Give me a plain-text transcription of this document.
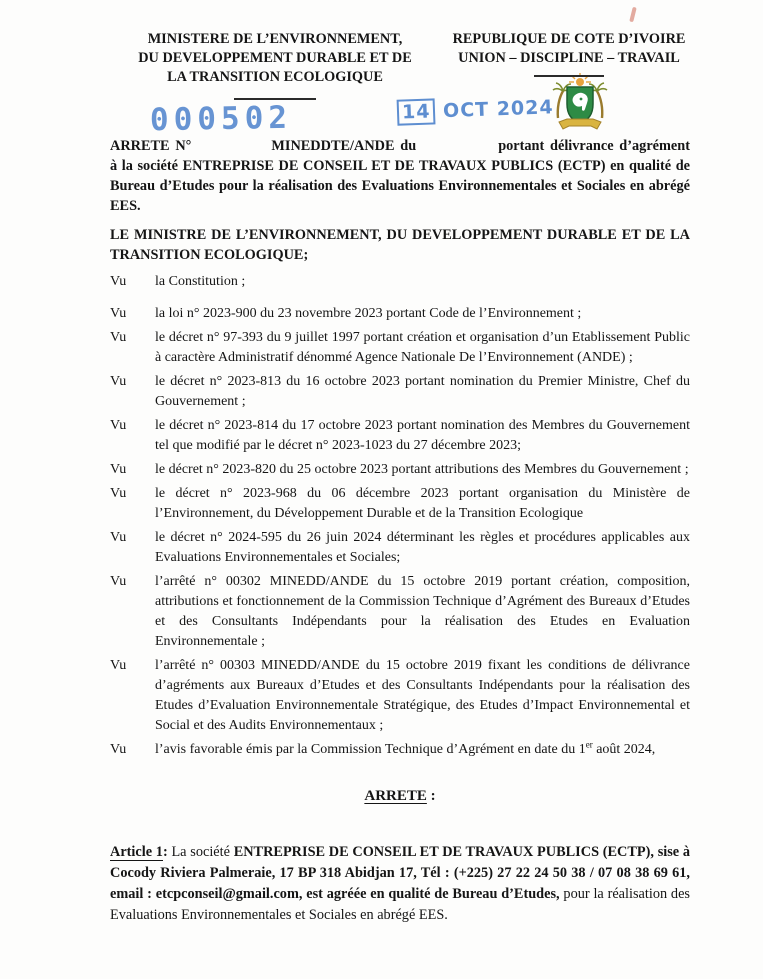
000502	14 OCT 2024
MINISTERE DE L’ENVIRONNEMENT,
DU DEVELOPPEMENT DURABLE ET DE
LA TRANSITION ECOLOGIQUE
REPUBLIQUE DE COTE D’IVOIRE
UNION – DISCIPLINE – TRAVAIL

ARRETE N°	MINEDDTE/ANDE du	portant délivrance d’agrément à la société ENTREPRISE DE CONSEIL ET DE TRAVAUX PUBLICS (ECTP) en qualité de Bureau d’Etudes pour la réalisation des Evaluations Environnementales et Sociales en abrégé EES.

LE MINISTRE DE L’ENVIRONNEMENT, DU DEVELOPPEMENT DURABLE ET DE LA TRANSITION ECOLOGIQUE;

Vu	la Constitution ;

Vu	la loi n° 2023-900 du 23 novembre 2023 portant Code de l’Environnement ;

Vu	le décret n° 97-393 du 9 juillet 1997 portant création et organisation d’un Etablissement Public à caractère Administratif dénommé Agence Nationale De l’Environnement (ANDE) ;

Vu	le décret n° 2023-813 du 16 octobre 2023 portant nomination du Premier Ministre, Chef du Gouvernement ;

Vu	le décret n° 2023-814 du 17 octobre 2023 portant nomination des Membres du Gouvernement tel que modifié par le décret n° 2023-1023 du 27 décembre 2023;

Vu	le décret n° 2023-820 du 25 octobre 2023 portant attributions des Membres du Gouvernement ;

Vu	le décret n° 2023-968 du 06 décembre 2023 portant organisation du Ministère de l’Environnement, du Développement Durable et de la Transition Ecologique

Vu	le décret n° 2024-595 du 26 juin 2024 déterminant les règles et procédures applicables aux Evaluations Environnementales et Sociales;

Vu	l’arrêté n° 00302 MINEDD/ANDE du 15 octobre 2019 portant création, composition, attributions et fonctionnement de la Commission Technique d’Agrément des Bureaux d’Etudes et des Consultants Indépendants pour la réalisation des Etudes en Evaluation Environnementale ;

Vu	l’arrêté n° 00303 MINEDD/ANDE du 15 octobre 2019 fixant les conditions de délivrance d’agréments aux Bureaux d’Etudes et des Consultants Indépendants pour la réalisation des Etudes d’Evaluation Environnementale Stratégique, des Etudes d’Impact Environnemental et Social et des Audits Environnementaux ;

Vu	l’avis favorable émis par la Commission Technique d’Agrément en date du 1er août 2024,

ARRETE :

Article 1: La société ENTREPRISE DE CONSEIL ET DE TRAVAUX PUBLICS (ECTP), sise à Cocody Riviera Palmeraie, 17 BP 318 Abidjan 17, Tél : (+225) 27 22 24 50 38 / 07 08 38 69 61, email : etcpconseil@gmail.com, est agréée en qualité de Bureau d’Etudes, pour la réalisation des Evaluations Environnementales et Sociales en abrégé EES.
